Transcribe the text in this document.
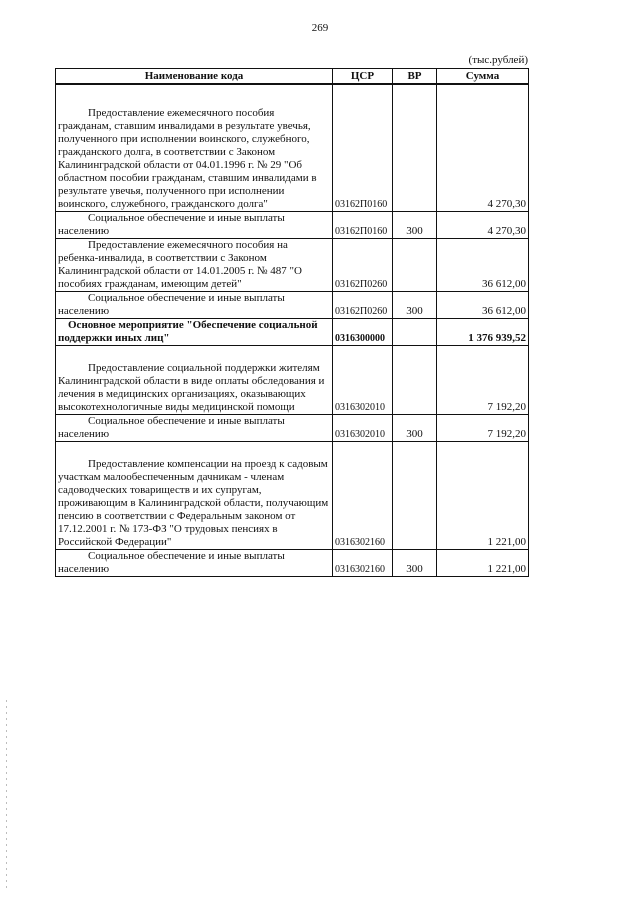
269
(тыс.рублей)
Наименование кода	ЦСР	ВР	Сумма
Предоставление ежемесячного пособия гражданам, ставшим инвалидами в результате увечья, полученного при исполнении воинского, служебного, гражданского долга, в соответствии с Законом Калининградской области от 04.01.1996 г. № 29 "Об областном пособии гражданам, ставшим инвалидами в результате увечья, полученного при исполнении воинского, служебного, гражданского долга"	03162П0160		4 270,30
Социальное обеспечение и иные выплаты населению	03162П0160	300	4 270,30
Предоставление ежемесячного пособия на ребенка-инвалида, в соответствии с Законом Калининградской области от 14.01.2005 г. № 487 "О пособиях гражданам, имеющим детей"	03162П0260		36 612,00
Социальное обеспечение и иные выплаты населению	03162П0260	300	36 612,00
Основное мероприятие "Обеспечение социальной поддержки иных лиц"	0316300000		1 376 939,52
Предоставление социальной поддержки жителям Калининградской области в виде оплаты обследования и лечения в медицинских организациях, оказывающих высокотехнологичные виды медицинской помощи	0316302010		7 192,20
Социальное обеспечение и иные выплаты населению	0316302010	300	7 192,20
Предоставление компенсации на проезд к садовым участкам малообеспеченным дачникам - членам садоводческих товариществ и их супругам, проживающим в Калининградской области, получающим пенсию в соответствии с Федеральным законом от 17.12.2001 г. № 173-ФЗ "О трудовых пенсиях в Российской Федерации"	0316302160		1 221,00
Социальное обеспечение и иные выплаты населению	0316302160	300	1 221,00
